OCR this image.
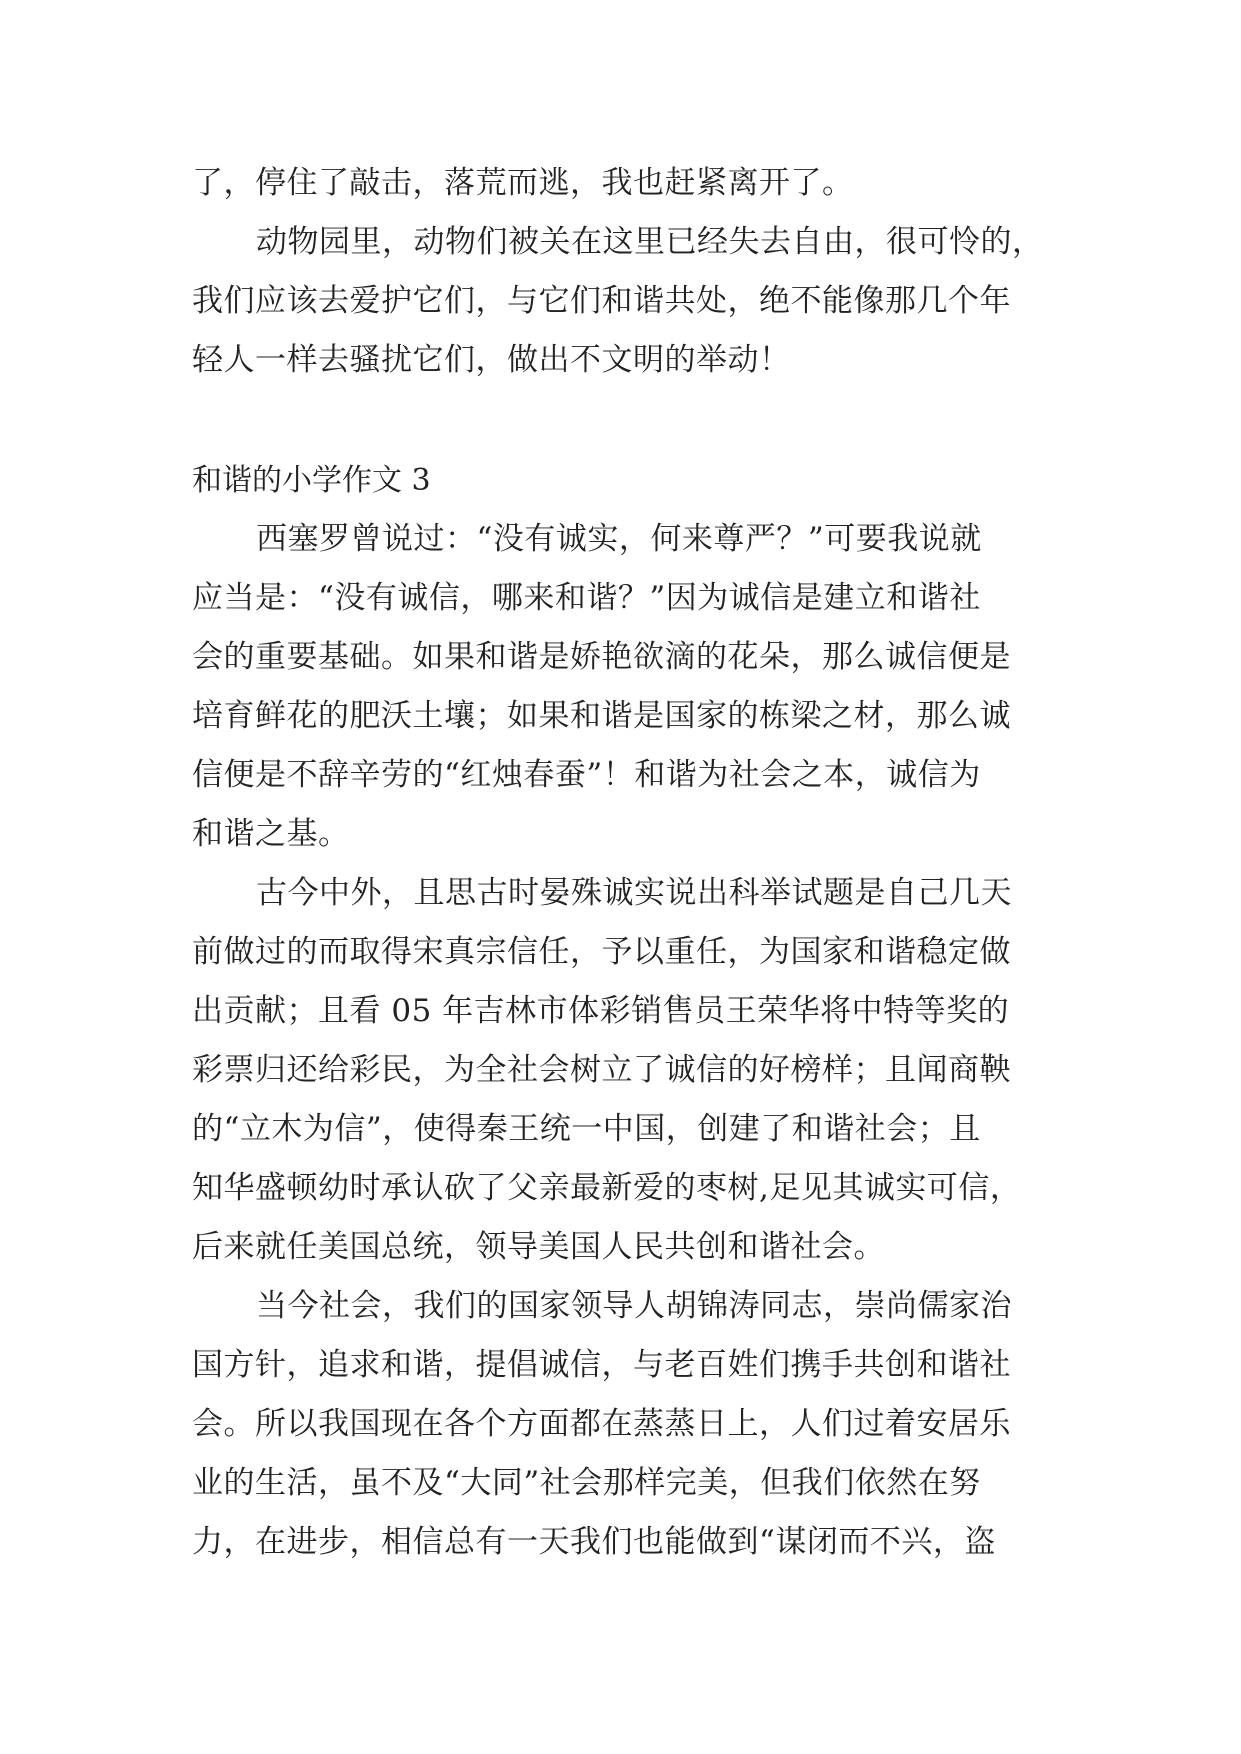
了，停住了敲击，落荒而逃，我也赶紧离开了。
动物园里，动物们被关在这里已经失去自由，很可怜的，
我们应该去爱护它们，与它们和谐共处，绝不能像那几个年
轻人一样去骚扰它们，做出不文明的举动！
和谐的小学作文 3
西塞罗曾说过：“没有诚实，何来尊严？”可要我说就
应当是：“没有诚信，哪来和谐？”因为诚信是建立和谐社
会的重要基础。如果和谐是娇艳欲滴的花朵，那么诚信便是
培育鲜花的肥沃土壤；如果和谐是国家的栋梁之材，那么诚
信便是不辞辛劳的“红烛春蚕”！和谐为社会之本，诚信为
和谐之基。
古今中外，且思古时晏殊诚实说出科举试题是自己几天
前做过的而取得宋真宗信任，予以重任，为国家和谐稳定做
出贡献；且看 05 年吉林市体彩销售员王荣华将中特等奖的
彩票归还给彩民，为全社会树立了诚信的好榜样；且闻商鞅
的“立木为信”，使得秦王统一中国，创建了和谐社会；且
知华盛顿幼时承认砍了父亲最新爱的枣树,足见其诚实可信，
后来就任美国总统，领导美国人民共创和谐社会。
当今社会，我们的国家领导人胡锦涛同志，崇尚儒家治
国方针，追求和谐，提倡诚信，与老百姓们携手共创和谐社
会。所以我国现在各个方面都在蒸蒸日上，人们过着安居乐
业的生活，虽不及“大同”社会那样完美，但我们依然在努
力，在进步，相信总有一天我们也能做到“谋闭而不兴，盗
